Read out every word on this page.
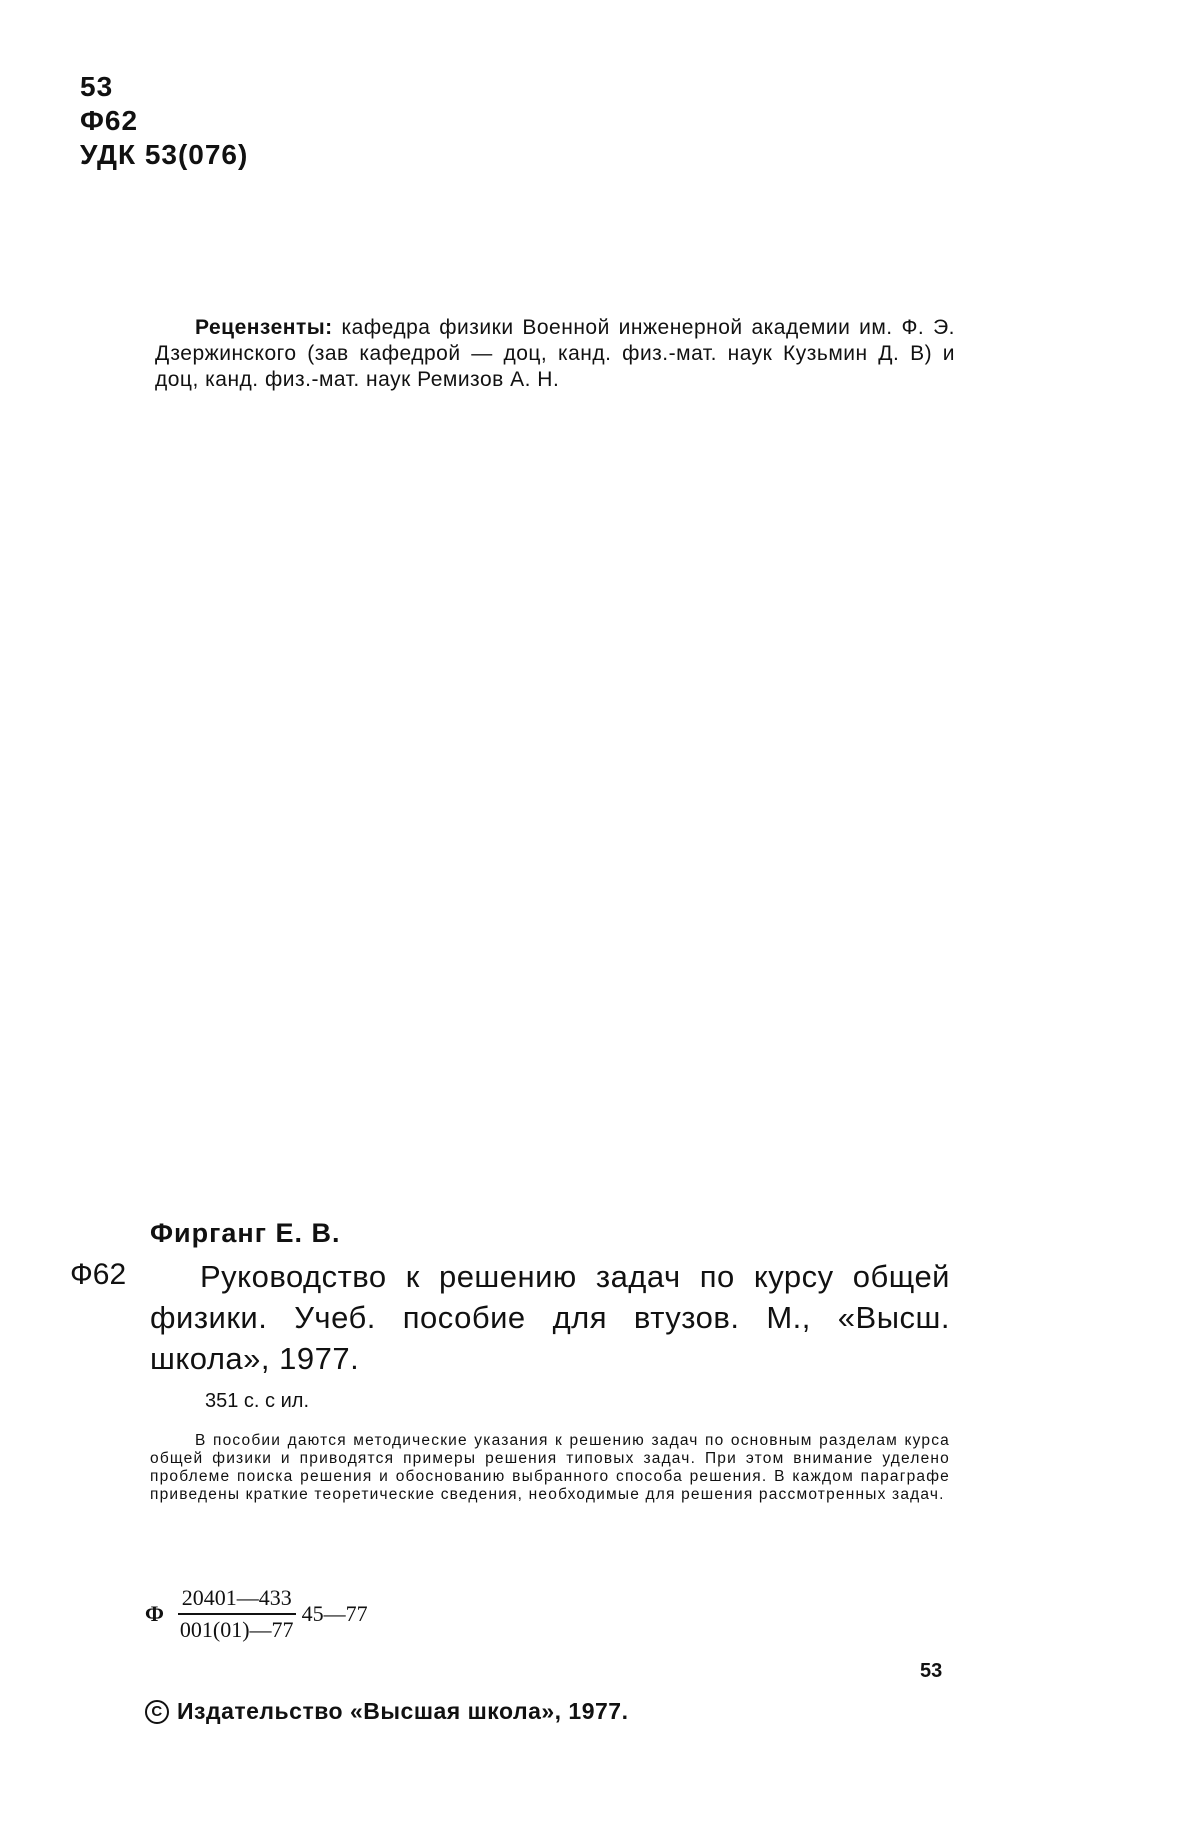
53
Ф62
УДК 53(076)
Рецензенты: кафедра физики Военной инженерной академии им. Ф. Э. Дзержинского (зав кафедрой — доц, канд. физ.-мат. наук Кузьмин Д. В) и доц, канд. физ.-мат. наук Ремизов А. Н.
Фирганг Е. В.
Ф62	Руководство к решению задач по курсу общей физики. Учеб. пособие для втузов. М., «Высш. школа», 1977.
351 с. с ил.
В пособии даются методические указания к решению задач по основным разделам курса общей физики и приводятся примеры решения типовых задач. При этом внимание уделено проблеме поиска решения и обоснованию выбранного способа решения. В каждом параграфе приведены краткие теоретические сведения, необходимые для решения рассмотренных задач.
Ф $\frac{20401—433}{001(01)—77}$ 45—77
53
C Издательство «Высшая школа», 1977.
